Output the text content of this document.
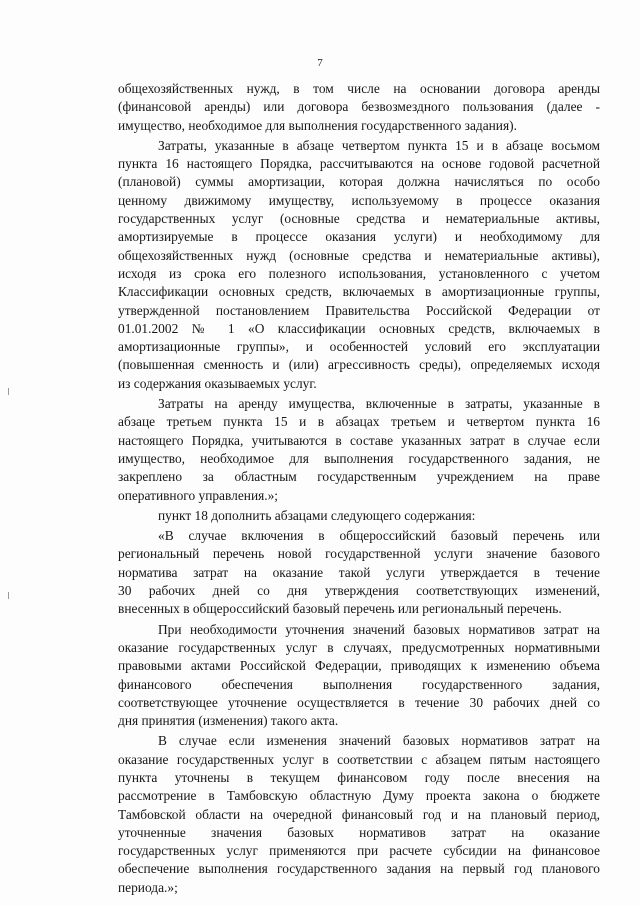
7
общехозяйственных нужд, в том числе на основании договора аренды
(финансовой аренды) или договора безвозмездного пользования (далее -
имущество, необходимое для выполнения государственного задания).
Затраты, указанные в абзаце четвертом пункта 15 и в абзаце восьмом
пункта 16 настоящего Порядка, рассчитываются на основе годовой расчетной
(плановой) суммы амортизации, которая должна начисляться по особо
ценному движимому имуществу, используемому в процессе оказания
государственных услуг (основные средства и нематериальные активы,
амортизируемые в процессе оказания услуги) и необходимому для
общехозяйственных нужд (основные средства и нематериальные активы),
исходя из срока его полезного использования, установленного с учетом
Классификации основных средств, включаемых в амортизационные группы,
утвержденной постановлением Правительства Российской Федерации от
01.01.2002 № 1 «О классификации основных средств, включаемых в
амортизационные группы», и особенностей условий его эксплуатации
(повышенная сменность и (или) агрессивность среды), определяемых исходя
из содержания оказываемых услуг.
Затраты на аренду имущества, включенные в затраты, указанные в
абзаце третьем пункта 15 и в абзацах третьем и четвертом пункта 16
настоящего Порядка, учитываются в составе указанных затрат в случае если
имущество, необходимое для выполнения государственного задания, не
закреплено за областным государственным учреждением на праве
оперативного управления.»;
пункт 18 дополнить абзацами следующего содержания:
«В случае включения в общероссийский базовый перечень или
региональный перечень новой государственной услуги значение базового
норматива затрат на оказание такой услуги утверждается в течение
30 рабочих дней со дня утверждения соответствующих изменений,
внесенных в общероссийский базовый перечень или региональный перечень.
При необходимости уточнения значений базовых нормативов затрат на
оказание государственных услуг в случаях, предусмотренных нормативными
правовыми актами Российской Федерации, приводящих к изменению объема
финансового обеспечения выполнения государственного задания,
соответствующее уточнение осуществляется в течение 30 рабочих дней со
дня принятия (изменения) такого акта.
В случае если изменения значений базовых нормативов затрат на
оказание государственных услуг в соответствии с абзацем пятым настоящего
пункта уточнены в текущем финансовом году после внесения на
рассмотрение в Тамбовскую областную Думу проекта закона о бюджете
Тамбовской области на очередной финансовый год и на плановый период,
уточненные значения базовых нормативов затрат на оказание
государственных услуг применяются при расчете субсидии на финансовое
обеспечение выполнения государственного задания на первый год планового
периода.»;
